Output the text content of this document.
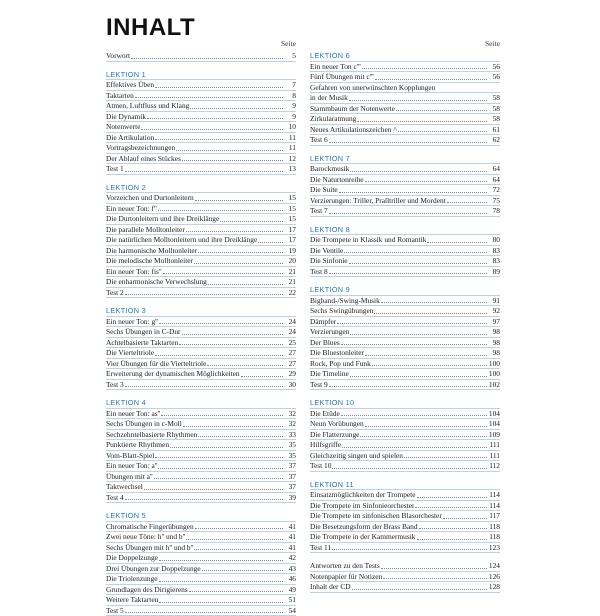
INHALT
Seite
Vorwort	5
LEKTION 1
Effektives Üben	7
Taktarten	8
Atmen, Luftfluss und Klang	9
Die Dynamik	9
Notenwerte	10
Die Artikulation	11
Vortragsbezeichnungen	11
Der Ablauf eines Stückes	12
Test 1	13
LEKTION 2
Vorzeichen und Durtonleitern	15
Ein neuer Ton: f''	15
Die Durtonleitern und ihre Dreiklänge	15
Die parallele Molltonleiter	17
Die natürlichen Molltonleitern und ihre Dreiklänge	17
Die harmonische Molltonleiter	19
Die melodische Molltonleiter	20
Ein neuer Ton: fis''	21
Die enharmonische Verwechslung	21
Test 2	22
LEKTION 3
Ein neuer Ton: g''	24
Sechs Übungen in C-Dur	24
Achtelbasierte Taktarten	25
Die Vierteltriole	27
Vier Übungen für die Vierteltriole	27
Erweiterung der dynamischen Möglichkeiten	29
Test 3	30
LEKTION 4
Ein neuer Ton: as''	32
Sechs Übungen in c-Moll	32
Sechzehntelbasierte Rhythmen	33
Punktierte Rhythmen	35
Vom-Blatt-Spiel	35
Ein neuer Ton: a''	37
Übungen mit a''	37
Taktwechsel	37
Test 4	39
LEKTION 5
Chromatische Fingerübungen	41
Zwei neue Töne: h'' und b''	41
Sechs Übungen mit h'' und b''	41
Die Doppelzunge	42
Drei Übungen zur Doppelzunge	43
Die Triolenzunge	46
Grundlagen des Dirigierens	49
Weitere Taktarten	51
Test 5	54
Seite
LEKTION 6
Ein neuer Ton c'''	56
Fünf Übungen mit c'''	56
Gefahren von unerwünschten Kopplungen
in der Musik	58
Stammbaum der Notenwerte	58
Zirkularatmung	58
Neues Artikulationszeichen ^	61
Test 6	62
LEKTION 7
Barockmusik	64
Die Naturtonreihe	64
Die Suite	72
Verzierungen: Triller, Pralltriller und Mordent	75
Test 7	78
LEKTION 8
Die Trompete in Klassik und Romantik	80
Die Ventile	83
Die Sinfonie	83
Test 8	89
LEKTION 9
Bigband-/Swing-Musik	91
Sechs Swingübungen	92
Dämpfer	97
Verzierungen	98
Der Blues	98
Die Bluestonleiter	98
Rock, Pop und Funk	100
Die Timeline	100
Test 9	102
LEKTION 10
Die Etüde	104
Neun Vorübungen	104
Die Flatterzunge	109
Hilfsgriffe	111
Gleichzeitig singen und spielen	111
Test 10	112
LEKTION 11
Einsatzmöglichkeiten der Trompete	114
Die Trompete im Sinfonieorchester	114
Die Trompete im sinfonischen Blasorchester	117
Die Besetzungsform der Brass Band	118
Die Trompete in der Kammermusik	118
Test 11	123
Antworten zu den Tests	124
Notenpapier für Notizen	126
Inhalt der CD	128
